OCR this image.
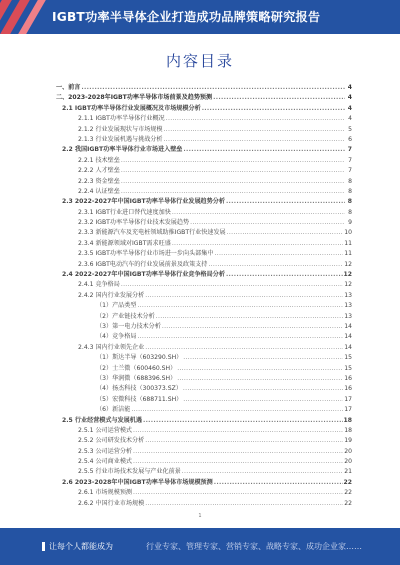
IGBT功率半导体企业打造成功品牌策略研究报告
内容目录
一、前言 .....	4
二、2023-2028年IGBT功率半导体市场前景及趋势预测 .....	4
2.1 IGBT功率半导体行业发展概况及市场规模分析 .....	4
2.1.1 IGBT功率半导体行业概况 .....	4
2.1.2 行业发展现状与市场规模 .....	5
2.1.3 行业发展机遇与挑战分析 .....	6
2.2 我国IGBT功率半导体行业市场进入壁垒 .....	7
2.2.1 技术壁垒 .....	7
2.2.2 人才壁垒 .....	7
2.2.3 资金壁垒 .....	8
2.2.4 认证壁垒 .....	8
2.3 2022-2027年中国IGBT功率半导体行业发展趋势分析 .....	8
2.3.1 IGBT行业进口替代速度加快 .....	8
2.3.2 IGBT功率半导体行业技术发展趋势 .....	9
2.3.3 新能源汽车及充电桩领域助推IGBT行业快速发展 .....	10
2.3.4 新能源领域对IGBT需求旺盛 .....	11
2.3.5 IGBT功率半导体行业市场进一步向头部集中 .....	11
2.3.6 IGBT电动汽车的行业发展前景及政策支持 .....	12
2.4 2022-2027年中国IGBT功率半导体行业竞争格局分析 .....	12
2.4.1 竞争格局 .....	12
2.4.2 国内行业发展分析 .....	13
（1）产品类型 .....	13
（2）产业链技术分析 .....	13
（3）第一电力技术分析 .....	14
（4）竞争格局 .....	14
2.4.3 国内行业领先企业 .....	14
（1）斯达半导（603290.SH） .....	15
（2）士兰微（600460.SH） .....	15
（3）华润微（688396.SH） .....	16
（4）扬杰科技（300373.SZ） .....	16
（5）宏微科技（688711.SH） .....	17
（6）新洁能 .....	17
2.5 行业经营模式与发展机遇 .....	18
2.5.1 公司运营模式 .....	18
2.5.2 公司研发技术分析 .....	19
2.5.3 公司运营分析 .....	20
2.5.4 公司商业模式 .....	20
2.5.5 行业市场技术发展与产业化前景 .....	21
2.6 2023-2028年中国IGBT功率半导体市场规模预测 .....	22
2.6.1 市场规模预测 .....	22
2.6.2 中国行业市场规模 .....	22
1
让每个人都能成为	行业专家、管理专家、营销专家、战略专家、成功企业家……
